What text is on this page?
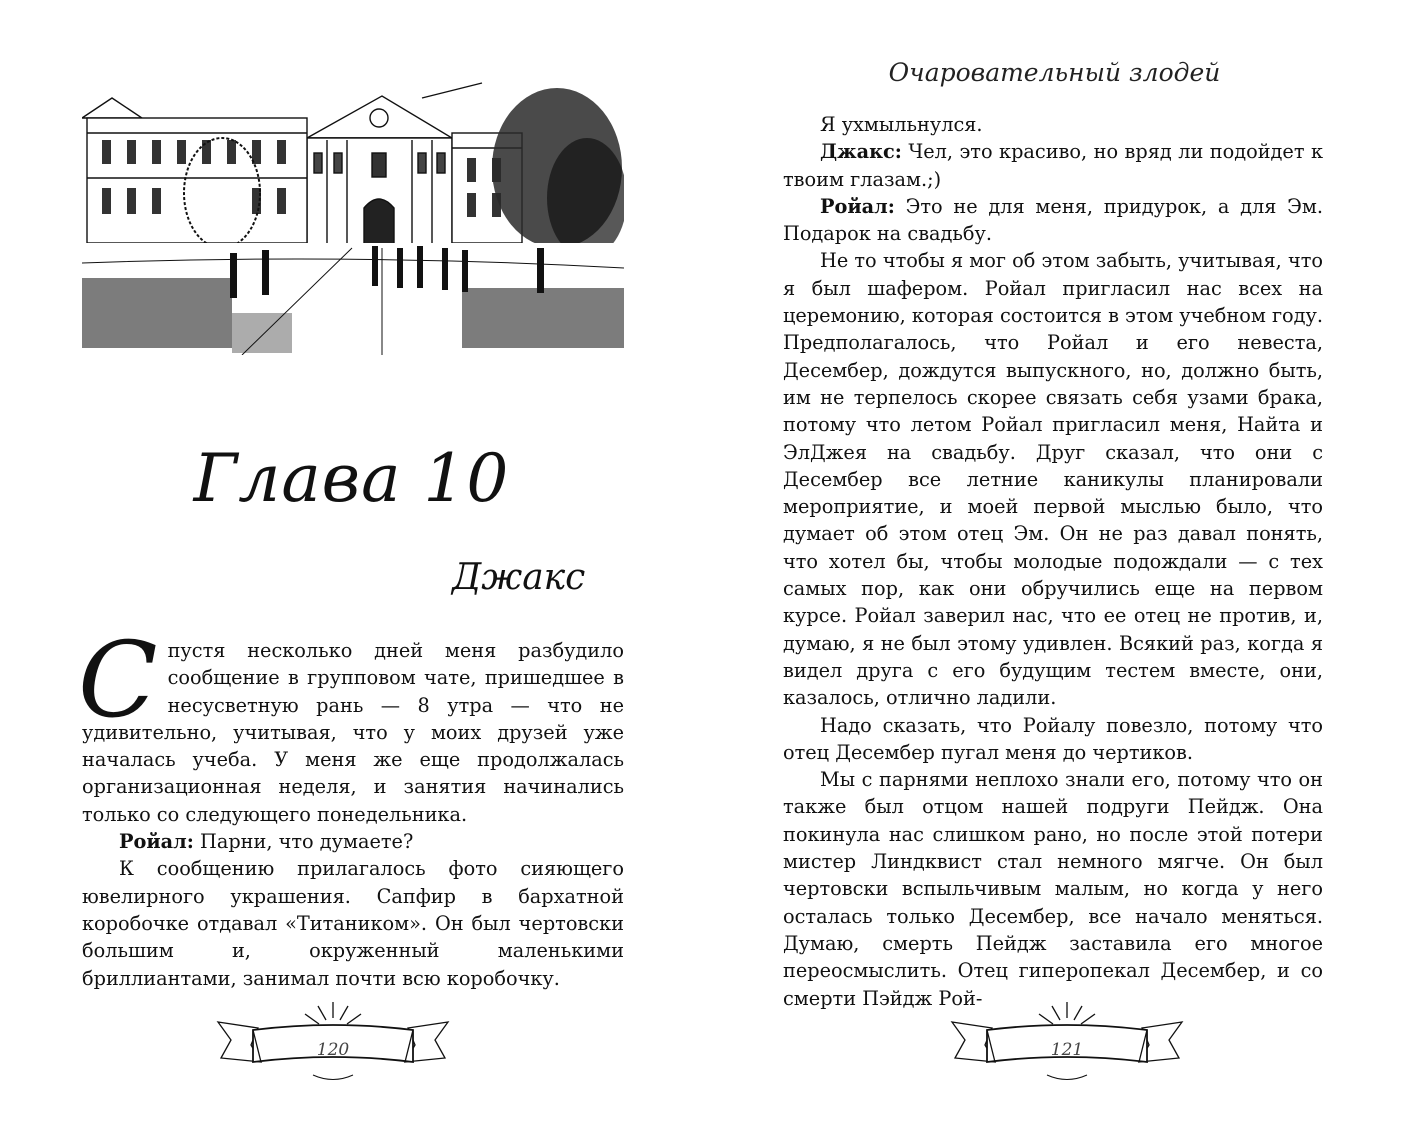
Глава 10
Джакс

Спустя несколько дней меня разбудило сообщение в групповом чате, пришедшее в несусветную рань — 8 утра — что не удивительно, учитывая, что у моих друзей уже началась учеба. У меня же еще продолжалась организационная неделя, и занятия начинались только со следующего понедельника.

Ройал: Парни, что думаете?

К сообщению прилагалось фото сияющего ювелирного украшения. Сапфир в бархатной коробочке отдавал «Титаником». Он был чертовски большим и, окруженный маленькими бриллиантами, занимал почти всю коробочку.

120
Очаровательный злодей

Я ухмыльнулся.

Джакс: Чел, это красиво, но вряд ли подойдет к твоим глазам.;)

Ройал: Это не для меня, придурок, а для Эм. Подарок на свадьбу.

Не то чтобы я мог об этом забыть, учитывая, что я был шафером. Ройал пригласил нас всех на церемонию, которая состоится в этом учебном году. Предполагалось, что Ройал и его невеста, Десембер, дождутся выпускного, но, должно быть, им не терпелось скорее связать себя узами брака, потому что летом Ройал пригласил меня, Найта и ЭлДжея на свадьбу. Друг сказал, что они с Десембер все летние каникулы планировали мероприятие, и моей первой мыслью было, что думает об этом отец Эм. Он не раз давал понять, что хотел бы, чтобы молодые подождали — с тех самых пор, как они обручились еще на первом курсе. Ройал заверил нас, что ее отец не против, и, думаю, я не был этому удивлен. Всякий раз, когда я видел друга с его будущим тестем вместе, они, казалось, отлично ладили.

Надо сказать, что Ройалу повезло, потому что отец Десембер пугал меня до чертиков.

Мы с парнями неплохо знали его, потому что он также был отцом нашей подруги Пейдж. Она покинула нас слишком рано, но после этой потери мистер Линдквист стал немного мягче. Он был чертовски вспыльчивым малым, но когда у него осталась только Десембер, все начало меняться. Думаю, смерть Пейдж заставила его многое переосмыслить. Отец гиперопекал Десембер, и со смерти Пэйдж Рой-

121
